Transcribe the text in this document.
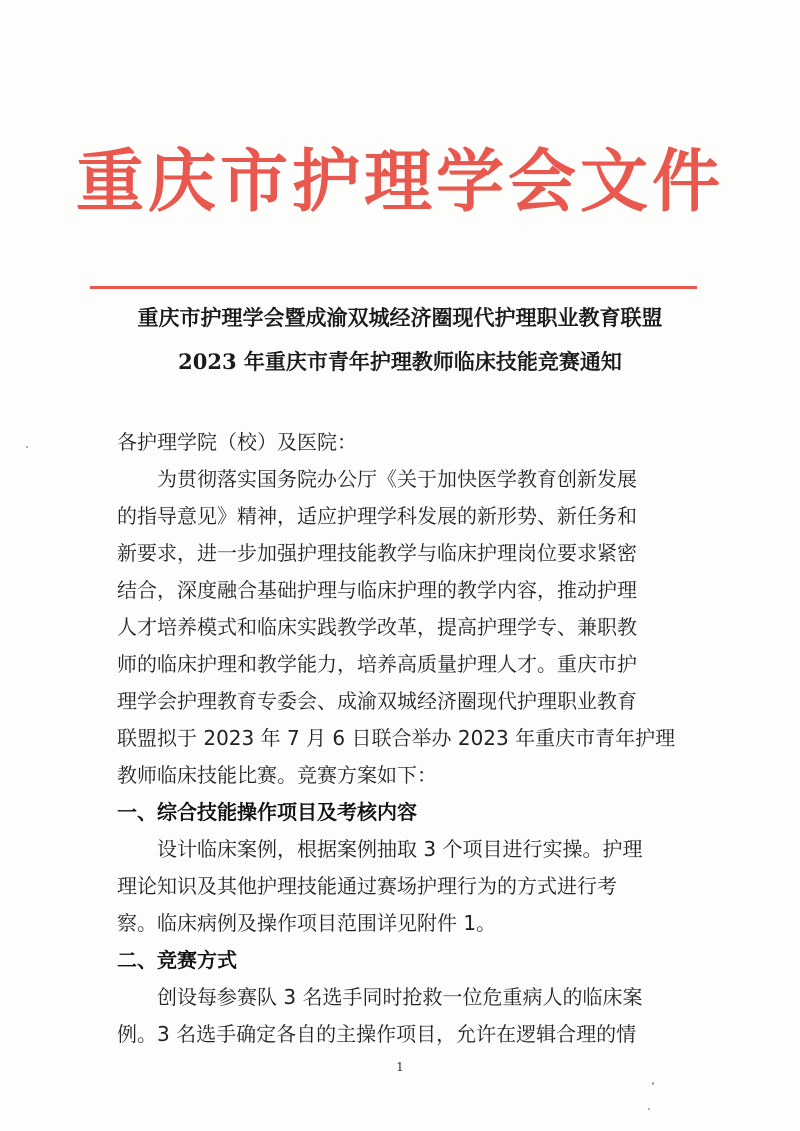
重庆市护理学会文件
重庆市护理学会暨成渝双城经济圈现代护理职业教育联盟
2023 年重庆市青年护理教师临床技能竞赛通知
各护理学院（校）及医院：
　　为贯彻落实国务院办公厅《关于加快医学教育创新发展
的指导意见》精神，适应护理学科发展的新形势、新任务和
新要求，进一步加强护理技能教学与临床护理岗位要求紧密
结合，深度融合基础护理与临床护理的教学内容，推动护理
人才培养模式和临床实践教学改革，提高护理学专、兼职教
师的临床护理和教学能力，培养高质量护理人才。重庆市护
理学会护理教育专委会、成渝双城经济圈现代护理职业教育
联盟拟于 2023 年 7 月 6 日联合举办 2023 年重庆市青年护理
教师临床技能比赛。竞赛方案如下：
一、综合技能操作项目及考核内容
　　设计临床案例，根据案例抽取 3 个项目进行实操。护理
理论知识及其他护理技能通过赛场护理行为的方式进行考
察。临床病例及操作项目范围详见附件 1。
二、竞赛方式
　　创设每参赛队 3 名选手同时抢救一位危重病人的临床案
例。3 名选手确定各自的主操作项目，允许在逻辑合理的情
1
